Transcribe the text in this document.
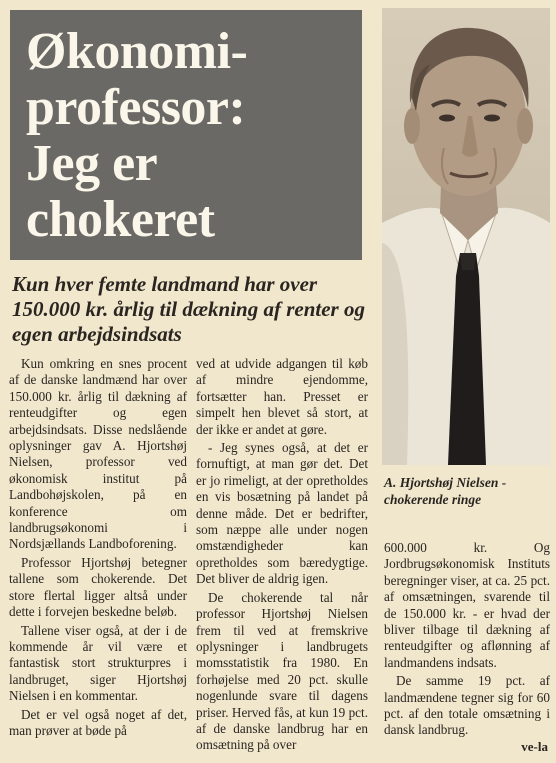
Økonomi-
professor:
Jeg er
chokeret
Kun hver femte landmand har over 150.000 kr. årlig til dækning af renter og egen arbejdsindsats

Kun omkring en snes procent af de danske landmænd har over 150.000 kr. årlig til dækning af renteudgifter og egen arbejdsindsats. Disse nedslående oplysninger gav A. Hjortshøj Nielsen, professor ved økonomisk institut på Landbohøjskolen, på en konference om landbrugsøkonomi i Nordsjællands Landboforening.

Professor Hjortshøj betegner tallene som chokerende. Det store flertal ligger altså under dette i forvejen beskedne beløb.

Tallene viser også, at der i de kommende år vil være et fantastisk stort strukturpres i landbruget, siger Hjortshøj Nielsen i en kommentar.

Det er vel også noget af det, man prøver at bøde på

ved at udvide adgangen til køb af mindre ejendomme, fortsætter han. Presset er simpelt hen blevet så stort, at der ikke er andet at gøre.

- Jeg synes også, at det er fornuftigt, at man gør det. Det er jo rimeligt, at der opretholdes en vis bosætning på landet på denne måde. Det er bedrifter, som næppe alle under nogen omstændigheder kan opretholdes som bæredygtige. Det bliver de aldrig igen.

De chokerende tal når professor Hjortshøj Nielsen frem til ved at fremskrive oplysninger i landbrugets momsstatistik fra 1980. En forhøjelse med 20 pct. skulle nogenlunde svare til dagens priser. Herved fås, at kun 19 pct. af de danske landbrug har en omsætning på over

A. Hjortshøj Nielsen - chokerende ringe

600.000 kr. Og Jordbrugsøkonomisk Instituts beregninger viser, at ca. 25 pct. af omsætningen, svarende til de 150.000 kr. - er hvad der bliver tilbage til dækning af renteudgifter og aflønning af landmandens indsats.

De samme 19 pct. af landmændene tegner sig for 60 pct. af den totale omsætning i dansk landbrug.

ve-la
